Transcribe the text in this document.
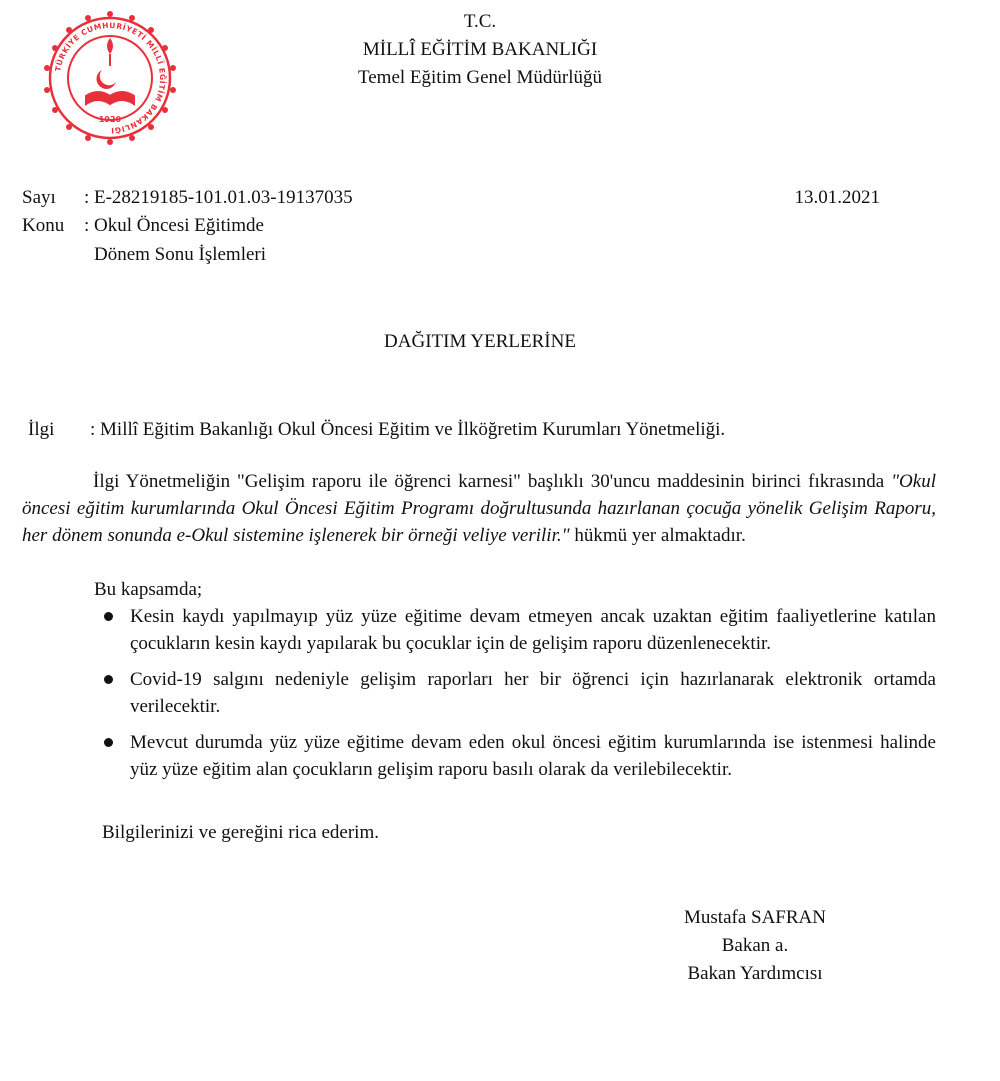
TÜRKİYE CUMHURİYETİ MİLLÎ EĞİTİM BAKANLIĞI
1920
T.C.
MİLLÎ EĞİTİM BAKANLIĞI
Temel Eğitim Genel Müdürlüğü
Sayı : E-28219185-101.01.03-19137035	13.01.2021
Konu : Okul Öncesi Eğitimde
Dönem Sonu İşlemleri
DAĞITIM YERLERİNE
İlgi : Millî Eğitim Bakanlığı Okul Öncesi Eğitim ve İlköğretim Kurumları Yönetmeliği.
İlgi Yönetmeliğin "Gelişim raporu ile öğrenci karnesi" başlıklı 30'uncu maddesinin birinci fıkrasında "Okul öncesi eğitim kurumlarında Okul Öncesi Eğitim Programı doğrultusunda hazırlanan çocuğa yönelik Gelişim Raporu, her dönem sonunda e-Okul sistemine işlenerek bir örneği veliye verilir." hükmü yer almaktadır.
Bu kapsamda;
Kesin kaydı yapılmayıp yüz yüze eğitime devam etmeyen ancak uzaktan eğitim faaliyetlerine katılan çocukların kesin kaydı yapılarak bu çocuklar için de gelişim raporu düzenlenecektir.
Covid-19 salgını nedeniyle gelişim raporları her bir öğrenci için hazırlanarak elektronik ortamda verilecektir.
Mevcut durumda yüz yüze eğitime devam eden okul öncesi eğitim kurumlarında ise istenmesi halinde yüz yüze eğitim alan çocukların gelişim raporu basılı olarak da verilebilecektir.
Bilgilerinizi ve gereğini rica ederim.
Mustafa SAFRAN
Bakan a.
Bakan Yardımcısı
